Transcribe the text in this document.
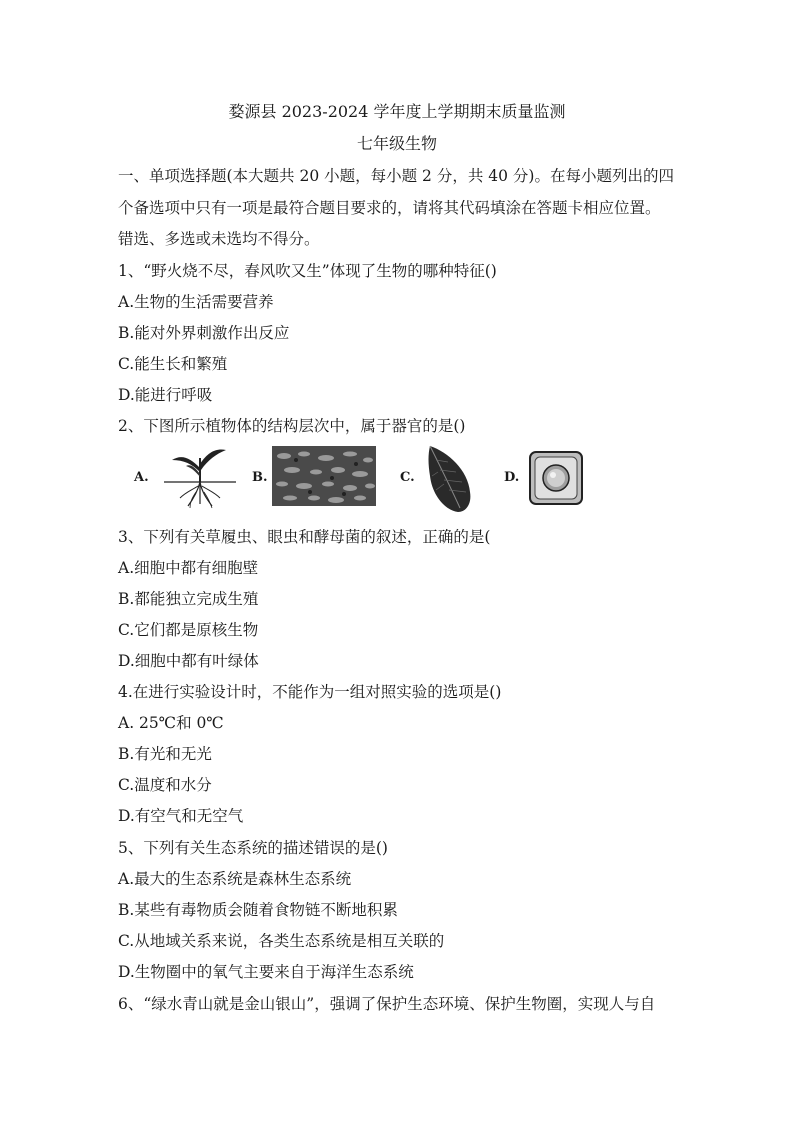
婺源县 2023-2024 学年度上学期期末质量监测
七年级生物
一、单项选择题(本大题共 20 小题，每小题 2 分，共 40 分)。在每小题列出的四
个备选项中只有一项是最符合题目要求的，请将其代码填涂在答题卡相应位置。
错选、多选或未选均不得分。
1、“野火烧不尽，春风吹又生”体现了生物的哪种特征()
A.生物的生活需要营养
B.能对外界刺激作出反应
C.能生长和繁殖
D.能进行呼吸
2、下图所示植物体的结构层次中，属于器官的是()
A.	B.	C.	D.
3、下列有关草履虫、眼虫和酵母菌的叙述，正确的是(
A.细胞中都有细胞壁
B.都能独立完成生殖
C.它们都是原核生物
D.细胞中都有叶绿体
4.在进行实验设计时，不能作为一组对照实验的选项是()
A. 25℃和 0℃
B.有光和无光
C.温度和水分
D.有空气和无空气
5、下列有关生态系统的描述错误的是()
A.最大的生态系统是森林生态系统
B.某些有毒物质会随着食物链不断地积累
C.从地域关系来说，各类生态系统是相互关联的
D.生物圈中的氧气主要来自于海洋生态系统
6、“绿水青山就是金山银山”，强调了保护生态环境、保护生物圈，实现人与自
